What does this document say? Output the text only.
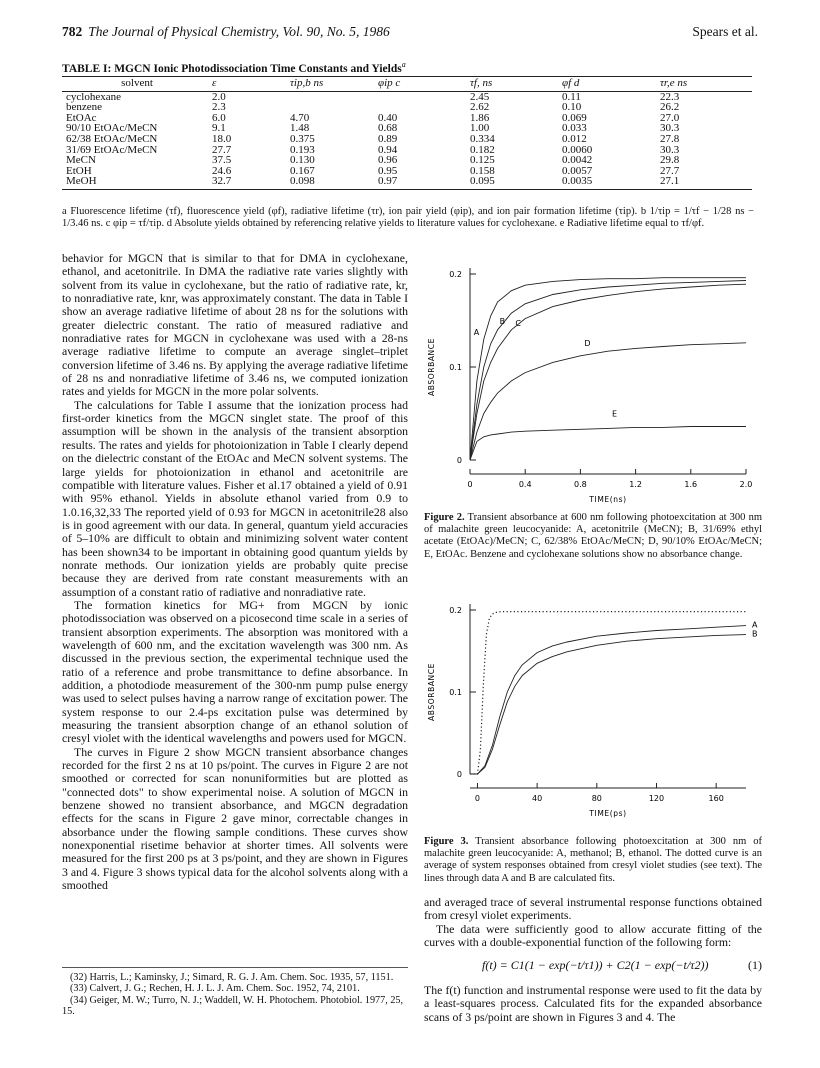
782 The Journal of Physical Chemistry, Vol. 90, No. 5, 1986	Spears et al.
TABLE I: MGCN Ionic Photodissociation Time Constants and Yields$^a$
solvent	ε	τip,b ns	φip c	τf, ns	φf d	τr,e ns
cyclohexane	2.0			2.45	0.11	22.3
benzene	2.3			2.62	0.10	26.2
EtOAc	6.0	4.70	0.40	1.86	0.069	27.0
90/10 EtOAc/MeCN	9.1	1.48	0.68	1.00	0.033	30.3
62/38 EtOAc/MeCN	18.0	0.375	0.89	0.334	0.012	27.8
31/69 EtOAc/MeCN	27.7	0.193	0.94	0.182	0.0060	30.3
MeCN	37.5	0.130	0.96	0.125	0.0042	29.8
EtOH	24.6	0.167	0.95	0.158	0.0057	27.7
MeOH	32.7	0.098	0.97	0.095	0.0035	27.1
a Fluorescence lifetime (τf), fluorescence yield (φf), radiative lifetime (τr), ion pair yield (φip), and ion pair formation lifetime (τip). b 1/τip = 1/τf − 1/28 ns − 1/3.46 ns. c φip = τf/τip. d Absolute yields obtained by referencing relative yields to literature values for cyclohexane. e Radiative lifetime equal to τf/φf.

behavior for MGCN that is similar to that for DMA in cyclohexane, ethanol, and acetonitrile. In DMA the radiative rate varies slightly with solvent from its value in cyclohexane, but the ratio of radiative rate, kr, to nonradiative rate, knr, was approximately constant. The data in Table I show an average radiative lifetime of about 28 ns for the solutions with greater dielectric constant. The ratio of measured radiative and nonradiative rates for MGCN in cyclohexane was used with a 28-ns average radiative lifetime to compute an average singlet–triplet conversion lifetime of 3.46 ns. By applying the average radiative lifetime of 28 ns and nonradiative lifetime of 3.46 ns, we computed ionization rates and yields for MGCN in the more polar solvents.

The calculations for Table I assume that the ionization process had first-order kinetics from the MGCN singlet state. The proof of this assumption will be shown in the analysis of the transient absorption results. The rates and yields for photoionization in Table I clearly depend on the dielectric constant of the EtOAc and MeCN solvent systems. The large yields for photoionization in ethanol and acetonitrile are compatible with literature values. Fisher et al.17 obtained a yield of 0.91 with 95% ethanol. Yields in absolute ethanol varied from 0.9 to 1.0.16,32,33 The reported yield of 0.93 for MGCN in acetonitrile28 also is in good agreement with our data. In general, quantum yield accuracies of 5–10% are difficult to obtain and minimizing solvent water content has been shown34 to be important in obtaining good quantum yields by nonrate methods. Our ionization yields are probably quite precise because they are derived from rate constant measurements with an assumption of a constant ratio of radiative and nonradiative rate.

The formation kinetics for MG+ from MGCN by ionic photodissociation was observed on a picosecond time scale in a series of transient absorption experiments. The absorption was monitored with a wavelength of 600 nm, and the excitation wavelength was 300 nm. As discussed in the previous section, the experimental technique used the ratio of a reference and probe transmittance to define absorbance. In addition, a photodiode measurement of the 300-nm pump pulse energy was used to select pulses having a narrow range of excitation power. The system response to our 2.4-ps excitation pulse was determined by measuring the transient absorption change of an ethanol solution of cresyl violet with the identical wavelengths and powers used for MGCN.

The curves in Figure 2 show MGCN transient absorbance changes recorded for the first 2 ns at 10 ps/point. The curves in Figure 2 are not smoothed or corrected for scan nonuniformities but are plotted as "connected dots" to show experimental noise. A solution of MGCN in benzene showed no transient absorbance, and MGCN degradation effects for the scans in Figure 2 gave minor, correctable changes in absorbance under the flowing sample conditions. These curves show nonexponential risetime behavior at shorter times. All solvents were measured for the first 200 ps at 3 ps/point, and they are shown in Figures 3 and 4. Figure 3 shows typical data for the alcohol solvents along with a smoothed

(32) Harris, L.; Kaminsky, J.; Simard, R. G. J. Am. Chem. Soc. 1935, 57, 1151.

(33) Calvert, J. G.; Rechen, H. J. L. J. Am. Chem. Soc. 1952, 74, 2101.

(34) Geiger, M. W.; Turro, N. J.; Waddell, W. H. Photochem. Photobiol. 1977, 25, 15.

0
0.1
0.2
0	0.4	0.8	1.2	1.6	2.0
TIME(ns)
ABSORBANCE
A
B C
D
E
Figure 2. Transient absorbance at 600 nm following photoexcitation at 300 nm of malachite green leucocyanide: A, acetonitrile (MeCN); B, 31/69% ethyl acetate (EtOAc)/MeCN; C, 62/38% EtOAc/MeCN; D, 90/10% EtOAc/MeCN; E, EtOAc. Benzene and cyclohexane solutions show no absorbance change.
0
0.1
0.2
0	40	80	120	160
TIME(ps)
ABSORBANCE
A
B
Figure 3. Transient absorbance following photoexcitation at 300 nm of malachite green leucocyanide: A, methanol; B, ethanol. The dotted curve is an average of system responses obtained from cresyl violet studies (see text). The lines through data A and B are calculated fits.

and averaged trace of several instrumental response functions obtained from cresyl violet experiments.

The data were sufficiently good to allow accurate fitting of the curves with a double-exponential function of the following form:

f(t) = C1(1 − exp(−t/τ1)) + C2(1 − exp(−t/τ2))	(1)

The f(t) function and instrumental response were used to fit the data by a least-squares process. Calculated fits for the expanded absorbance scans of 3 ps/point are shown in Figures 3 and 4. The
